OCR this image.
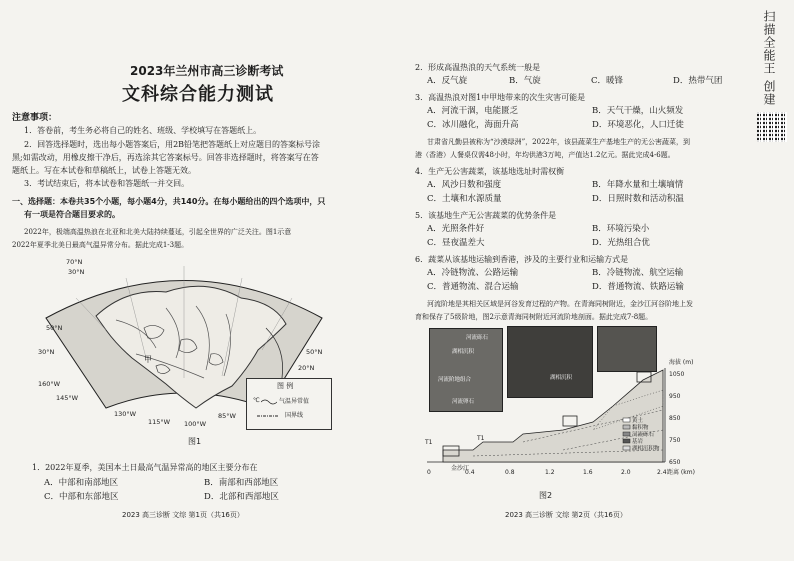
2023年兰州市高三诊断考试
文科综合能力测试
注意事项：
1．答卷前，考生务必将自己的姓名、班级、学校填写在答题纸上。
2．回答选择题时，选出每小题答案后，用2B铅笔把答题纸上对应题目的答案标号涂
黑;如需改动，用橡皮擦干净后，再选涂其它答案标号。回答非选择题时，将答案写在答
题纸上。写在本试卷和草稿纸上，试卷上答题无效。
3．考试结束后，将本试卷和答题纸一并交回。
一、选择题：本卷共35个小题，每小题4分，共140分。在每小题给出的四个选项中，只
有一项是符合题目要求的。
2022年，极端高温热浪在北亚和北美大陆持续蔓延，引起全世界的广泛关注。图1示意
2022年夏季北美日最高气温异常分布。据此完成1-3题。
30°N
50°N
30°N
70°N
50°N
20°N
160°W
145°W
130°W
115°W 100°W
85°W
甲
图 例
℃	气温异常值
国界线
图1
1．2022年夏季，美国本土日最高气温异常高的地区主要分布在
A．中部和南部地区	B．南部和西部地区
C．中部和东部地区	D．北部和西部地区
2023 高三诊断 文综 第1页（共16页）
2．形成高温热浪的天气系统一般是
A．反气旋	B．气旋	C．暖锋	D．热带气团
3．高温热浪对图1中甲地带来的次生灾害可能是
A．河流干涸，电能匮乏	B．天气干燥，山火频发
C．冰川融化，海面升高	D．环境恶化，人口迁徙
甘肃省凡勤县被称为“沙漠绿洲”，2022年，该县蔬菜生产基地生产的无公害蔬菜，到
港（香港）人餐桌仅需48小时，年均供港3万吨，产值达1.2亿元。据此完成4-6题。
4．生产无公害蔬菜，该基地选址时需权衡
A．风沙日数和强度	B．年降水量和土壤墒情
C．土壤和水源质量	D．日照时数和活动积温
5．该基地生产无公害蔬菜的优势条件是
A．光照条件好	B．环境污染小
C．昼夜温差大	D．光热组合优
6．蔬菜从该基地运输到香港，涉及的主要行业和运输方式是
A．冷链物流、公路运输	B．冷链物流、航空运输
C．普通物流、混合运输	D．普通物流、铁路运输
河流阶地是其相关区域是河谷发育过程的产物。在青海同树附近，金沙江河谷阶地上发
育和保存了5级阶地，图2示意青海同树附近河流阶地剖面。据此完成7-8题。
河流砾石
湖相沉积
河流阶地组合
河流卵石
湖相沉积
T1
T1
金沙江
海拔 (m)
1050
950
850
750
650
0	0.4	0.8	1.2	1.6	2.0	2.4 距离 (km)
黄土
黏积物
河流砾石
基岩
湖相沉积物
图2
2023 高三诊断 文综 第2页（共16页）
扫描全能王 创建
